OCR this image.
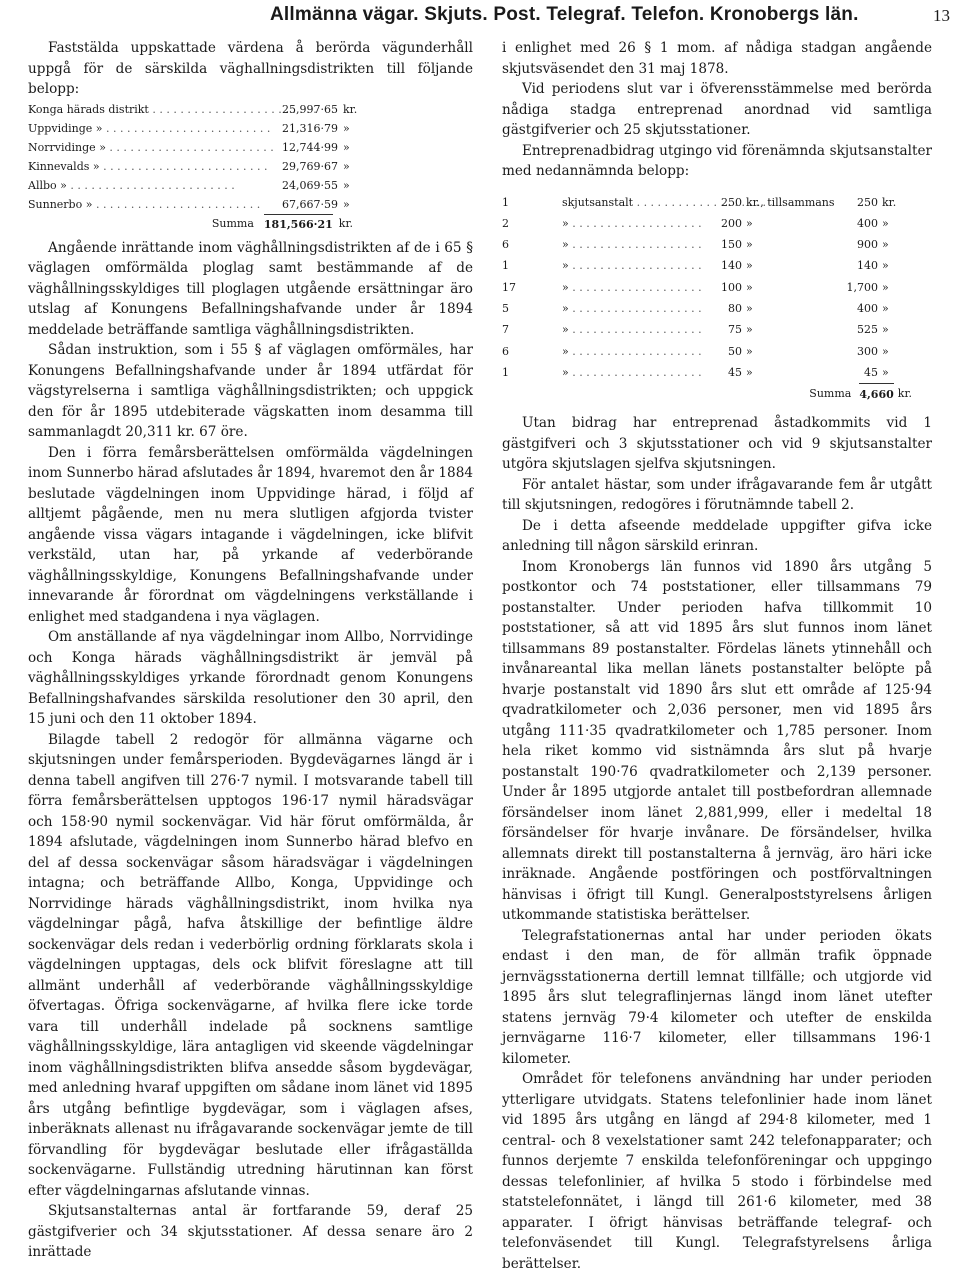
Allmänna vägar. Skjuts. Post. Telegraf. Telefon. Kronobergs län.	13

Faststälda uppskattade värdena å berörda vägunderhåll uppgå för de särskilda väghallningsdistrikten till följande belopp:

Konga härads distrikt . . .	25,997·65 kr.
Uppvidinge » . . .	21,316·79 »
Norrvidinge » . . .	12,744·99 »
Kinnevalds » . . .	29,769·67 »
Allbo » . . .	24,069·55 »
Sunnerbo » . . .	67,667·59 »
Summa 181,566·21 kr.

Angående inrättande inom väghållningsdistrikten af de i 65 § väglagen omförmälda ploglag samt bestämmande af de väghållningsskyldiges till ploglagen utgående ersättningar äro utslag af Konungens Befallningshafvande under år 1894 meddelade beträffande samtliga väghållningsdistrikten.

Sådan instruktion, som i 55 § af väglagen omförmäles, har Konungens Befallningshafvande under år 1894 utfärdat för vägstyrelserna i samtliga väghållningsdistrikten; och uppgick den för år 1895 utdebiterade vägskatten inom desamma till sammanlagdt 20,311 kr. 67 öre.

Den i förra femårsberättelsen omförmälda vägdelningen inom Sunnerbo härad afslutades år 1894, hvaremot den år 1884 beslutade vägdelningen inom Uppvidinge härad, i följd af alltjemt pågående, men nu mera slutligen afgjorda tvister angående vissa vägars intagande i vägdelningen, icke blifvit verkstäld, utan har, på yrkande af vederbörande väghållningsskyldige, Konungens Befallningshafvande under innevarande år förordnat om vägdelningens verkställande i enlighet med stadgandena i nya väglagen.

Om anställande af nya vägdelningar inom Allbo, Norrvidinge och Konga härads väghållningsdistrikt är jemväl på väghållningsskyldiges yrkande förordnadt genom Konungens Befallningshafvandes särskilda resolutioner den 30 april, den 15 juni och den 11 oktober 1894.

Bilagde tabell 2 redogör för allmänna vägarne och skjutsningen under femårsperioden. Bygdevägarnes längd är i denna tabell angifven till 276·7 nymil. I motsvarande tabell till förra femårsberättelsen upptogos 196·17 nymil häradsvägar och 158·90 nymil sockenvägar. Vid här förut omförmälda, år 1894 afslutade, vägdelningen inom Sunnerbo härad blefvo en del af dessa sockenvägar såsom häradsvägar i vägdelningen intagna; och beträffande Allbo, Konga, Uppvidinge och Norrvidinge härads väghållningsdistrikt, inom hvilka nya vägdelningar pågå, hafva åtskillige der befintlige äldre sockenvägar dels redan i vederbörlig ordning förklarats skola i vägdelningen upptagas, dels ock blifvit föreslagne att till allmänt underhåll af vederbörande väghållningsskyldige öfvertagas. Öfriga sockenvägarne, af hvilka flere icke torde vara till underhåll indelade på socknens samtlige väghållningsskyldige, lära antagligen vid skeende vägdelningar inom väghållningsdistrikten blifva ansedde såsom bygdevägar, med anledning hvaraf uppgiften om sådane inom länet vid 1895 års utgång befintlige bygdevägar, som i väglagen afses, inberäknats allenast nu ifrågavarande sockenvägar jemte de till förvandling för bygdevägar beslutade eller ifrågaställda sockenvägarne. Fullständig utredning härutinnan kan först efter vägdelningarnas afslutande vinnas.

Skjutsanstalternas antal är fortfarande 59, deraf 25 gästgifverier och 34 skjutsstationer. Af dessa senare äro 2 inrättade

i enlighet med 26 § 1 mom. af nådiga stadgan angående skjutsväsendet den 31 maj 1878.

Vid periodens slut var i öfverensstämmelse med berörda nådiga stadga entreprenad anordnad vid samtliga gästgifverier och 25 skjutsstationer.

Entreprenadbidrag utgingo vid förenämnda skjutsanstalter med nedannämnda belopp:

1	skjutsanstalt . . .	250 kr., tillsammans	250 kr.
2	» . . .	200 »	400 »
6	» . . .	150 »	900 »
1	» . . .	140 »	140 »
17	» . . .	100 »	1,700 »
5	» . . .	80 »	400 »
7	» . . .	75 »	525 »
6	» . . .	50 »	300 »
1	» . . .	45 »	45 »
Summa 4,660 kr.

Utan bidrag har entreprenad åstadkommits vid 1 gästgifveri och 3 skjutsstationer och vid 9 skjutsanstalter utgöra skjutslagen sjelfva skjutsningen.

För antalet hästar, som under ifrågavarande fem år utgått till skjutsningen, redogöres i förutnämnde tabell 2.

De i detta afseende meddelade uppgifter gifva icke anledning till någon särskild erinran.

Inom Kronobergs län funnos vid 1890 års utgång 5 postkontor och 74 poststationer, eller tillsammans 79 postanstalter. Under perioden hafva tillkommit 10 poststationer, så att vid 1895 års slut funnos inom länet tillsammans 89 postanstalter. Fördelas länets ytinnehåll och invånareantal lika mellan länets postanstalter belöpte på hvarje postanstalt vid 1890 års slut ett område af 125·94 qvadratkilometer och 2,036 personer, men vid 1895 års utgång 111·35 qvadratkilometer och 1,785 personer. Inom hela riket kommo vid sistnämnda års slut på hvarje postanstalt 190·76 qvadratkilometer och 2,139 personer. Under år 1895 utgjorde antalet till postbefordran allemnade försändelser inom länet 2,881,999, eller i medeltal 18 försändelser för hvarje invånare. De försändelser, hvilka allemnats direkt till postanstalterna å jernväg, äro häri icke inräknade. Angående postföringen och postförvaltningen hänvisas i öfrigt till Kungl. Generalpoststyrelsens årligen utkommande statistiska berättelser.

Telegrafstationernas antal har under perioden ökats endast i den man, de för allmän trafik öppnade jernvägsstationerna dertill lemnat tillfälle; och utgjorde vid 1895 års slut telegraflinjernas längd inom länet utefter statens jernväg 79·4 kilometer och utefter de enskilda jernvägarne 116·7 kilometer, eller tillsammans 196·1 kilometer.

Området för telefonens användning har under perioden ytterligare utvidgats. Statens telefonlinier hade inom länet vid 1895 års utgång en längd af 294·8 kilometer, med 1 central- och 8 vexelstationer samt 242 telefonapparater; och funnos derjemte 7 enskilda telefonföreningar och uppgingo dessas telefonlinier, af hvilka 5 stodo i förbindelse med statstelefonnätet, i längd till 261·6 kilometer, med 38 apparater. I öfrigt hänvisas beträffande telegraf- och telefonväsendet till Kungl. Telegrafstyrelsens årliga berättelser.
